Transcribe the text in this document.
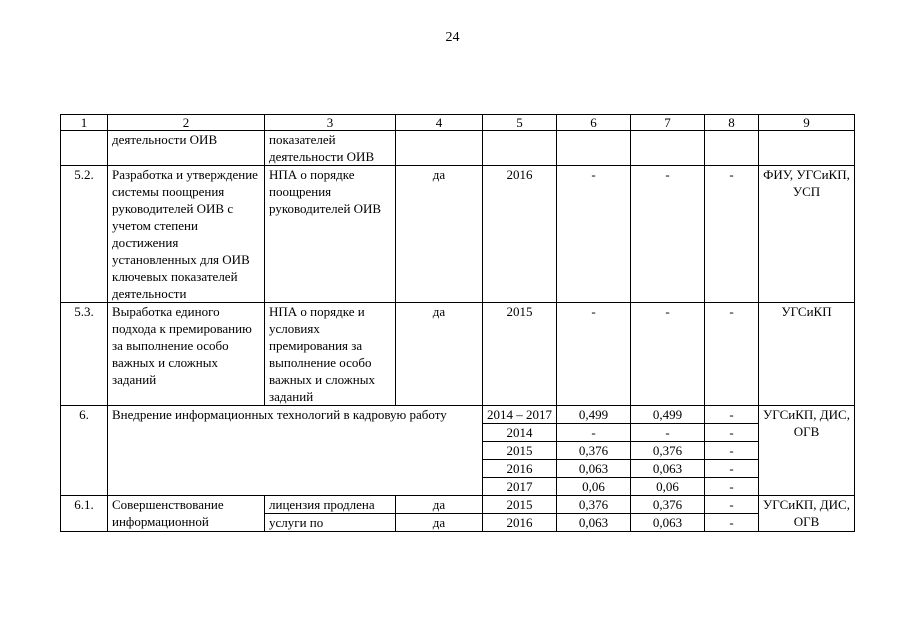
24
1	2	3	4	5	6	7	8	9
	деятельности ОИВ	показателей деятельности ОИВ						
5.2.	Разработка и утверждение системы поощрения руководителей ОИВ с учетом степени достижения установленных для ОИВ ключевых показателей деятельности	НПА о порядке поощрения руководителей ОИВ	да	2016	-	-	-	ФИУ, УГСиКП, УСП
5.3.	Выработка единого подхода к премированию за выполнение особо важных и сложных заданий	НПА о порядке и условиях премирования за выполнение особо важных и сложных заданий	да	2015	-	-	-	УГСиКП
6.	Внедрение информационных технологий в кадровую работу			2014 – 2017	0,499	0,499	-	УГСиКП, ДИС, ОГВ
				2014	-	-	-	
				2015	0,376	0,376	-	
				2016	0,063	0,063	-	
				2017	0,06	0,06	-	
6.1.	Совершенствование информационной	лицензия продлена	да	2015	0,376	0,376	-	УГСиКП, ДИС, ОГВ
		услуги по	да	2016	0,063	0,063	-	
